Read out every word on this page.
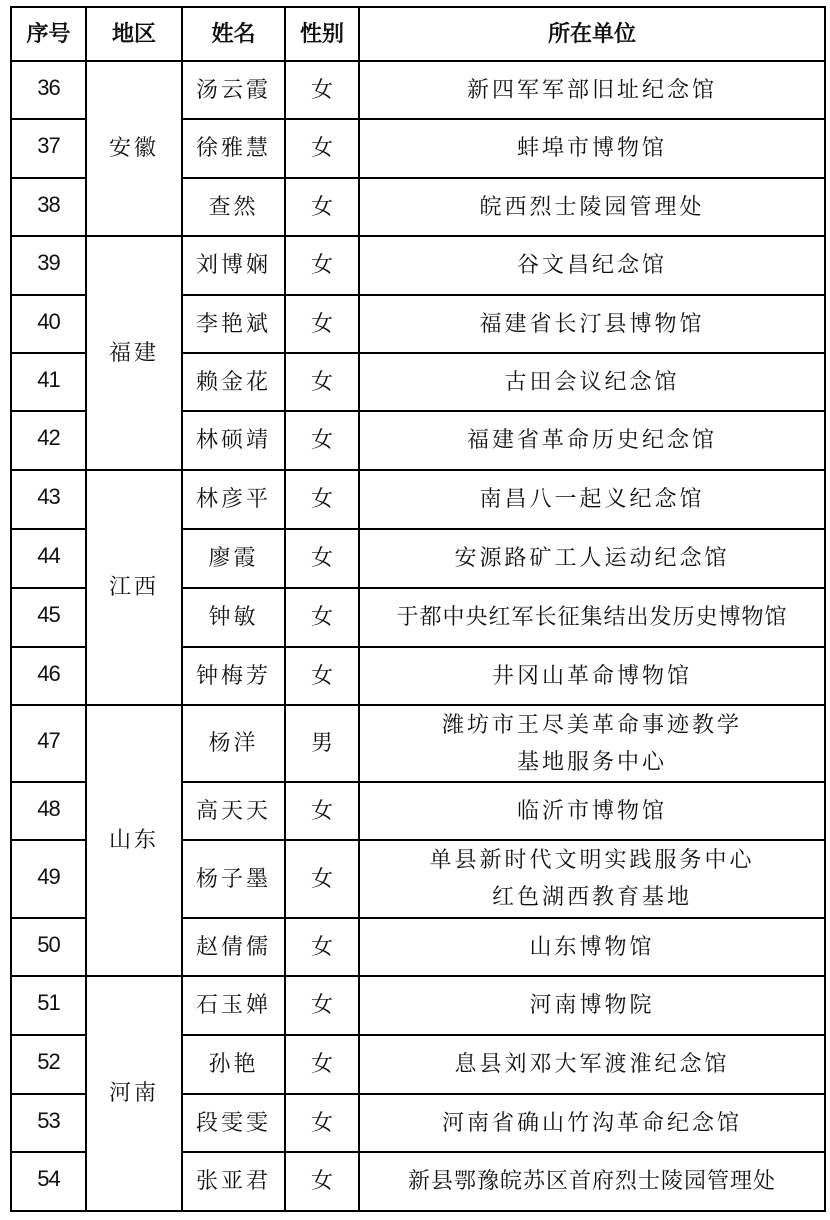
序号	地区	姓名	性别	所在单位
36	安徽	汤云霞	女	新四军军部旧址纪念馆

37		徐雅慧	女	蚌埠市博物馆

38		查然	女	皖西烈士陵园管理处

39	福建	刘博娴	女	谷文昌纪念馆

40		李艳斌	女	福建省长汀县博物馆

41		赖金花	女	古田会议纪念馆

42		林硕靖	女	福建省革命历史纪念馆

43	江西	林彦平	女	南昌八一起义纪念馆

44		廖霞	女	安源路矿工人运动纪念馆

45		钟敏	女	于都中央红军长征集结出发历史博物馆

46		钟梅芳	女	井冈山革命博物馆

47	山东	杨洋	男	潍坊市王尽美革命事迹教学
基地服务中心

48		高天天	女	临沂市博物馆

49		杨子墨	女	单县新时代文明实践服务中心
红色湖西教育基地

50		赵倩儒	女	山东博物馆

51	河南	石玉婵	女	河南博物院

52		孙艳	女	息县刘邓大军渡淮纪念馆

53		段雯雯	女	河南省确山竹沟革命纪念馆

54		张亚君	女	新县鄂豫皖苏区首府烈士陵园管理处
